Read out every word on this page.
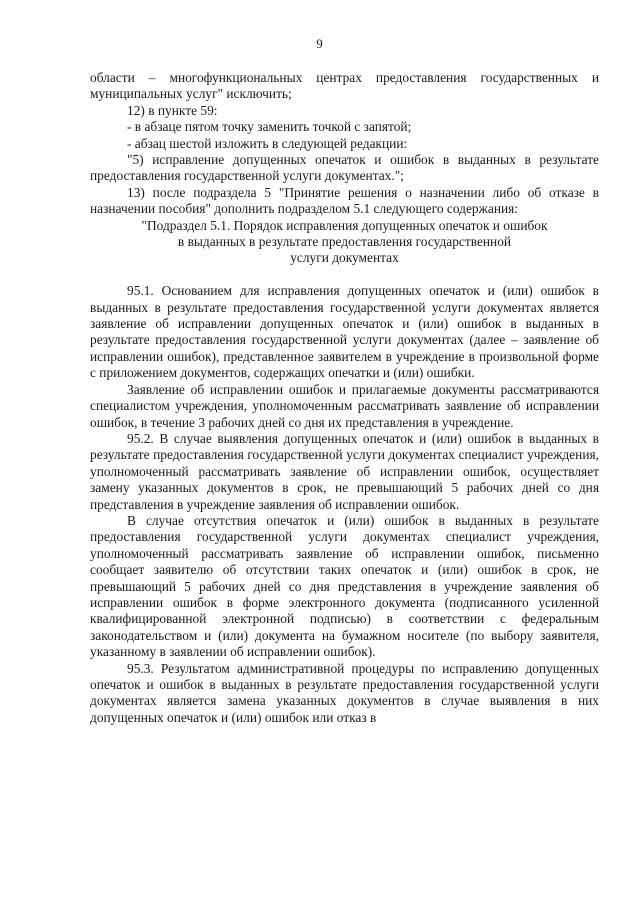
9

области – многофункциональных центрах предоставления государственных и муниципальных услуг" исключить;

12) в пункте 59:

- в абзаце пятом точку заменить точкой с запятой;

- абзац шестой изложить в следующей редакции:

"5) исправление допущенных опечаток и ошибок в выданных в результате предоставления государственной услуги документах.";

13) после подраздела 5 "Принятие решения о назначении либо об отказе в назначении пособия" дополнить подразделом 5.1 следующего содержания:

"Подраздел 5.1. Порядок исправления допущенных опечаток и ошибок

в выданных в результате предоставления государственной

услуги документах

95.1. Основанием для исправления допущенных опечаток и (или) ошибок в выданных в результате предоставления государственной услуги документах является заявление об исправлении допущенных опечаток и (или) ошибок в выданных в результате предоставления государственной услуги документах (далее – заявление об исправлении ошибок), представленное заявителем в учреждение в произвольной форме с приложением документов, содержащих опечатки и (или) ошибки.

Заявление об исправлении ошибок и прилагаемые документы рассматриваются специалистом учреждения, уполномоченным рассматривать заявление об исправлении ошибок, в течение 3 рабочих дней со дня их представления в учреждение.

95.2. В случае выявления допущенных опечаток и (или) ошибок в выданных в результате предоставления государственной услуги документах специалист учреждения, уполномоченный рассматривать заявление об исправлении ошибок, осуществляет замену указанных документов в срок, не превышающий 5 рабочих дней со дня представления в учреждение заявления об исправлении ошибок.

В случае отсутствия опечаток и (или) ошибок в выданных в результате предоставления государственной услуги документах специалист учреждения, уполномоченный рассматривать заявление об исправлении ошибок, письменно сообщает заявителю об отсутствии таких опечаток и (или) ошибок в срок, не превышающий 5 рабочих дней со дня представления в учреждение заявления об исправлении ошибок в форме электронного документа (подписанного усиленной квалифицированной электронной подписью) в соответствии с федеральным законодательством и (или) документа на бумажном носителе (по выбору заявителя, указанному в заявлении об исправлении ошибок).

95.3. Результатом административной процедуры по исправлению допущенных опечаток и ошибок в выданных в результате предоставления государственной услуги документах является замена указанных документов в случае выявления в них допущенных опечаток и (или) ошибок или отказ в
